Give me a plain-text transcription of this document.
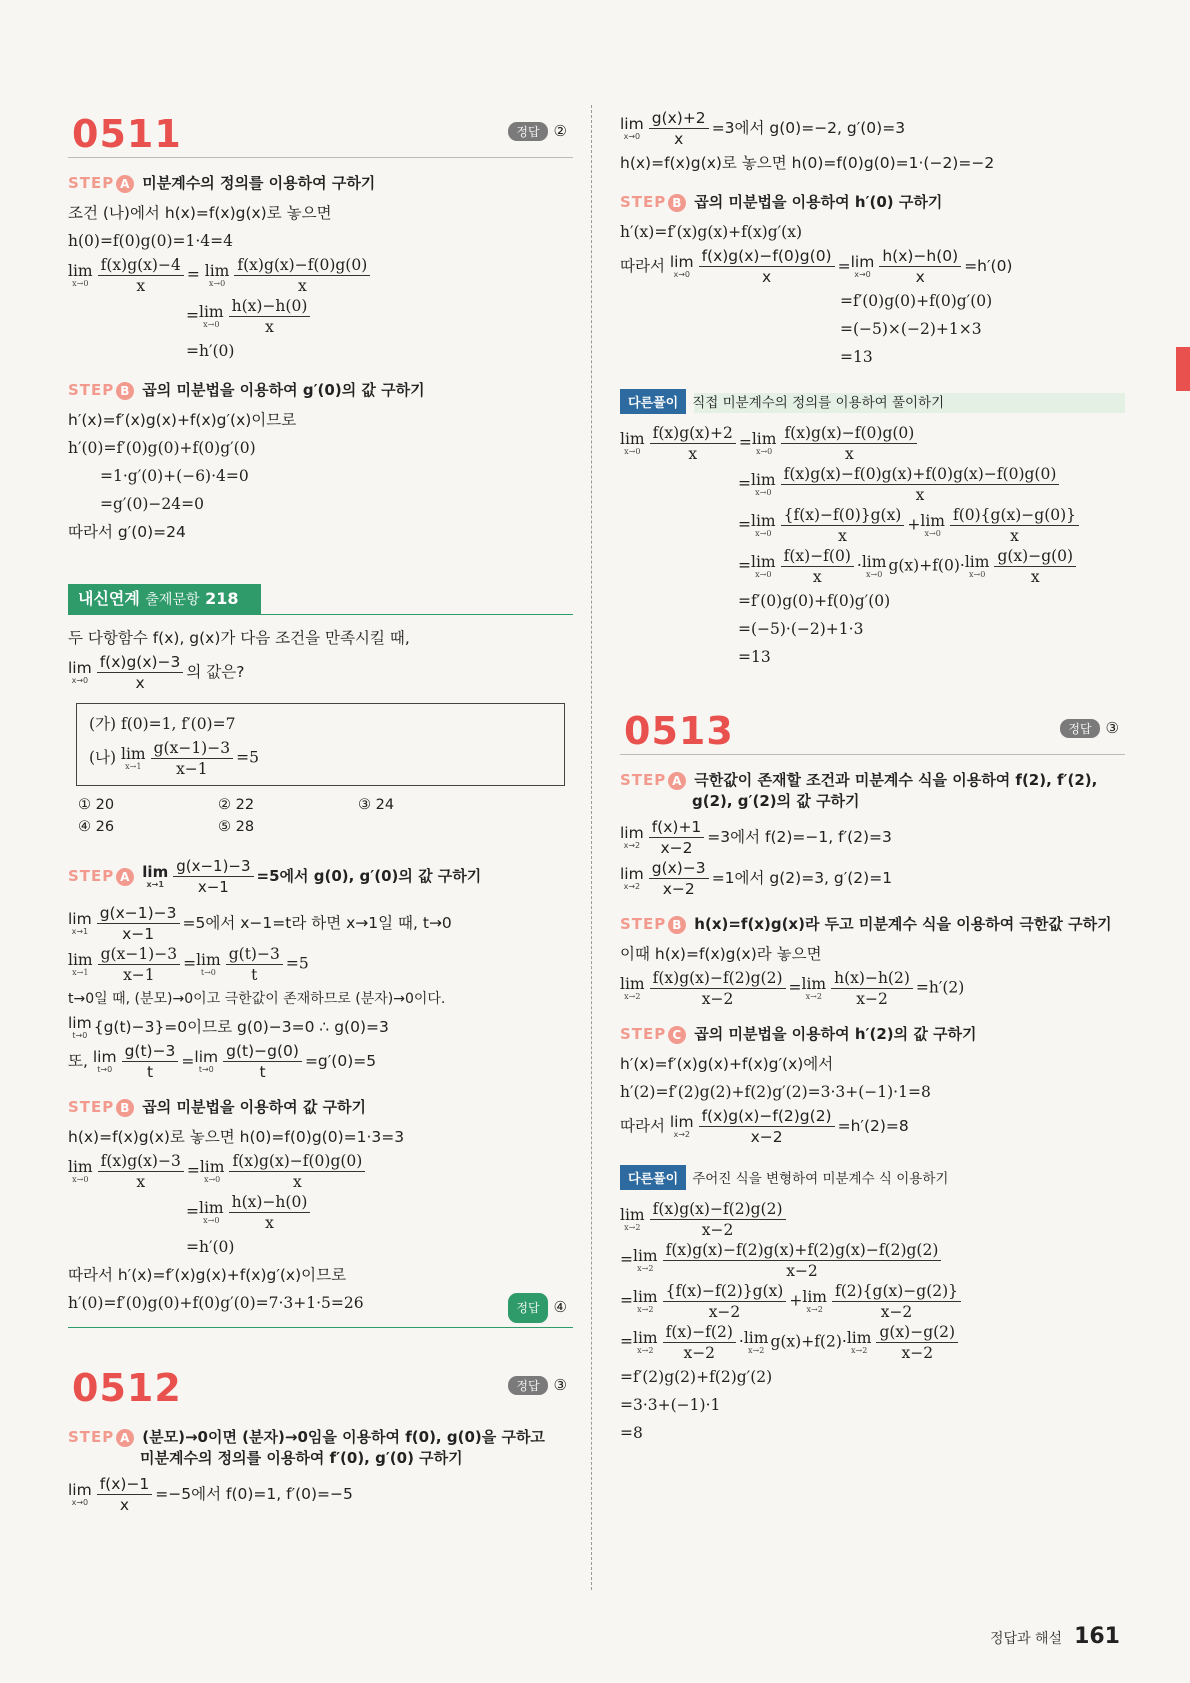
0511	정답 ②
STEP A 미분계수의 정의를 이용하여 구하기
조건 (나)에서 h(x)=f(x)g(x)로 놓으면
h(0)=f(0)g(0)=1·4=4
lim
$x\to 0 \frac{f(x)g(x)-4}{x} = \lim$
$x\to 0 \frac{f(x)g(x)-f(0)g(0)}{x}$
= lim
$x\to 0 \frac{h(x)-h(0)}{x}$
=h′(0)
STEP B 곱의 미분법을 이용하여 g′(0)의 값 구하기
h′(x)=f′(x)g(x)+f(x)g′(x)이므로
h′(0)=f′(0)g(0)+f(0)g′(0)
=1·g′(0)+(−6)·4=0
=g′(0)−24=0
따라서 g′(0)=24
내신연계 출제문항 218
두 다항함수 f(x), g(x)가 다음 조건을 만족시킬 때,
lim
$x\to 0 \frac{f(x)g(x)-3}{x}$ 의 값은?
(가) f(0)=1, f′(0)=7
(나) lim
$x\to 1 \frac{g(x-1)-3}{x-1} =5$
① 20	② 22	③ 24
④ 26	⑤ 28
STEP A lim
$x\to 1 \frac{g(x-1)-3}{x-1} =5$에서 g(0), g′(0)의 값 구하기
lim
$x\to 1 \frac{g(x-1)-3}{x-1} =5$에서 x−1=t라 하면 x→1일 때, t→0
lim
$x\to 1 \frac{g(x-1)-3}{x-1} = \lim$
$t\to 0 \frac{g(t)-3}{t} =5$
t→0일 때, (분모)→0이고 극한값이 존재하므로 (분자)→0이다.
lim
t→0 {g(t)−3}=0이므로 g(0)−3=0 ∴ g(0)=3
또, lim
$t\to 0 \frac{g(t)-3}{t} = \lim$
$t\to 0 \frac{g(t)-g(0)}{t} =g'(0)=5$
STEP B 곱의 미분법을 이용하여 값 구하기
h(x)=f(x)g(x)로 놓으면 h(0)=f(0)g(0)=1·3=3
lim
$x\to 0 \frac{f(x)g(x)-3}{x} = \lim$
$x\to 0 \frac{f(x)g(x)-f(0)g(0)}{x}$
= lim
$x\to 0 \frac{h(x)-h(0)}{x}$
=h′(0)
따라서 h′(x)=f′(x)g(x)+f(x)g′(x)이므로
h′(0)=f′(0)g(0)+f(0)g′(0)=7·3+1·5=26	정답 ④
0512	정답 ③
STEP A (분모)→0이면 (분자)→0임을 이용하여 f(0), g(0)을 구하고
미분계수의 정의를 이용하여 f′(0), g′(0) 구하기
lim
$x\to 0 \frac{f(x)-1}{x} =-5$에서 f(0)=1, f′(0)=−5
lim
$x\to 0 \frac{g(x)+2}{x} =3$에서 g(0)=−2, g′(0)=3
h(x)=f(x)g(x)로 놓으면 h(0)=f(0)g(0)=1·(−2)=−2
STEP B 곱의 미분법을 이용하여 h′(0) 구하기
h′(x)=f′(x)g(x)+f(x)g′(x)
따라서 lim
$x\to 0 \frac{f(x)g(x)-f(0)g(0)}{x} = \lim$
$x\to 0 \frac{h(x)-h(0)}{x} =h'(0)$
=f′(0)g(0)+f(0)g′(0)
=(−5)×(−2)+1×3
=13
다른풀이 직접 미분계수의 정의를 이용하여 풀이하기
lim
$x\to 0 \frac{f(x)g(x)+2}{x} = \lim$
$x\to 0 \frac{f(x)g(x)-f(0)g(0)}{x}$
= lim
$x\to 0 \frac{f(x)g(x)-f(0)g(x)+f(0)g(x)-f(0)g(0)}{x}$
= lim
$x\to 0 \frac{\{f(x)-f(0)\}g(x)}{x} + \lim$
$x\to 0 \frac{f(0)\{g(x)-g(0)\}}{x}$
= lim
$x\to 0 \frac{f(x)-f(0)}{x} \cdot \lim$
x→0 g(x)+f(0)· lim
$x\to 0 \frac{g(x)-g(0)}{x}$
=f′(0)g(0)+f(0)g′(0)
=(−5)·(−2)+1·3
=13
0513	정답 ③
STEP A 극한값이 존재할 조건과 미분계수 식을 이용하여 f(2), f′(2),
g(2), g′(2)의 값 구하기
lim
$x\to 2 \frac{f(x)+1}{x-2} =3$에서 f(2)=−1, f′(2)=3
lim
$x\to 2 \frac{g(x)-3}{x-2} =1$에서 g(2)=3, g′(2)=1
STEP B h(x)=f(x)g(x)라 두고 미분계수 식을 이용하여 극한값 구하기
이때 h(x)=f(x)g(x)라 놓으면
lim
$x\to 2 \frac{f(x)g(x)-f(2)g(2)}{x-2} = \lim$
$x\to 2 \frac{h(x)-h(2)}{x-2} =h'(2)$
STEP C 곱의 미분법을 이용하여 h′(2)의 값 구하기
h′(x)=f′(x)g(x)+f(x)g′(x)에서
h′(2)=f′(2)g(2)+f(2)g′(2)=3·3+(−1)·1=8
따라서 lim
$x\to 2 \frac{f(x)g(x)-f(2)g(2)}{x-2} =h'(2)=8$
다른풀이 주어진 식을 변형하여 미분계수 식 이용하기
lim
$x\to 2 \frac{f(x)g(x)-f(2)g(2)}{x-2}$
= lim
$x\to 2 \frac{f(x)g(x)-f(2)g(x)+f(2)g(x)-f(2)g(2)}{x-2}$
= lim
$x\to 2 \frac{\{f(x)-f(2)\}g(x)}{x-2} + \lim$
$x\to 2 \frac{f(2)\{g(x)-g(2)\}}{x-2}$
= lim
$x\to 2 \frac{f(x)-f(2)}{x-2} \cdot \lim$
x→2 g(x)+f(2)· lim
$x\to 2 \frac{g(x)-g(2)}{x-2}$
=f′(2)g(2)+f(2)g′(2)
=3·3+(−1)·1
=8
정답과 해설 161
